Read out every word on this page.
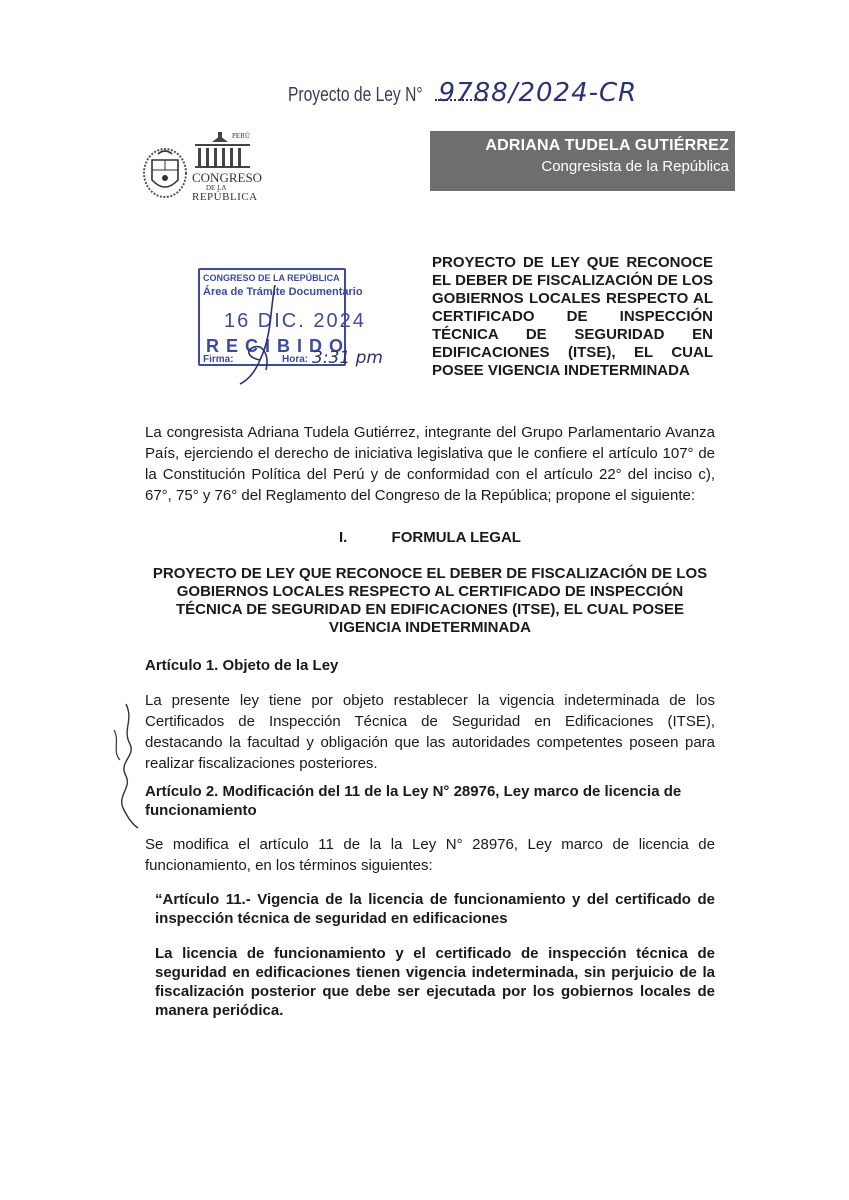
Proyecto de Ley N° 9788/2024-CR
PERÚ
CONGRESO
DE LA
REPÚBLICA
ADRIANA TUDELA GUTIÉRREZ
Congresista de la República
CONGRESO DE LA REPÚBLICA
Área de Trámite Documentario
16 DIC. 2024
RECIBIDO
Firma:	Hora: 3:31 pm
PROYECTO DE LEY QUE RECONOCE EL DEBER DE FISCALIZACIÓN DE LOS GOBIERNOS LOCALES RESPECTO AL CERTIFICADO DE INSPECCIÓN TÉCNICA DE SEGURIDAD EN EDIFICACIONES (ITSE), EL CUAL POSEE VIGENCIA INDETERMINADA
La congresista Adriana Tudela Gutiérrez, integrante del Grupo Parlamentario Avanza País, ejerciendo el derecho de iniciativa legislativa que le confiere el artículo 107° de la Constitución Política del Perú y de conformidad con el artículo 22° del inciso c), 67°, 75° y 76° del Reglamento del Congreso de la República; propone el siguiente:
I.	FORMULA LEGAL
PROYECTO DE LEY QUE RECONOCE EL DEBER DE FISCALIZACIÓN DE LOS GOBIERNOS LOCALES RESPECTO AL CERTIFICADO DE INSPECCIÓN TÉCNICA DE SEGURIDAD EN EDIFICACIONES (ITSE), EL CUAL POSEE VIGENCIA INDETERMINADA
Artículo 1. Objeto de la Ley
La presente ley tiene por objeto restablecer la vigencia indeterminada de los Certificados de Inspección Técnica de Seguridad en Edificaciones (ITSE), destacando la facultad y obligación que las autoridades competentes poseen para realizar fiscalizaciones posteriores.
Artículo 2. Modificación del 11 de la Ley N° 28976, Ley marco de licencia de funcionamiento
Se modifica el artículo 11 de la la Ley N° 28976, Ley marco de licencia de funcionamiento, en los términos siguientes:
“Artículo 11.- Vigencia de la licencia de funcionamiento y del certificado de inspección técnica de seguridad en edificaciones
La licencia de funcionamiento y el certificado de inspección técnica de seguridad en edificaciones tienen vigencia indeterminada, sin perjuicio de la fiscalización posterior que debe ser ejecutada por los gobiernos locales de manera periódica.
